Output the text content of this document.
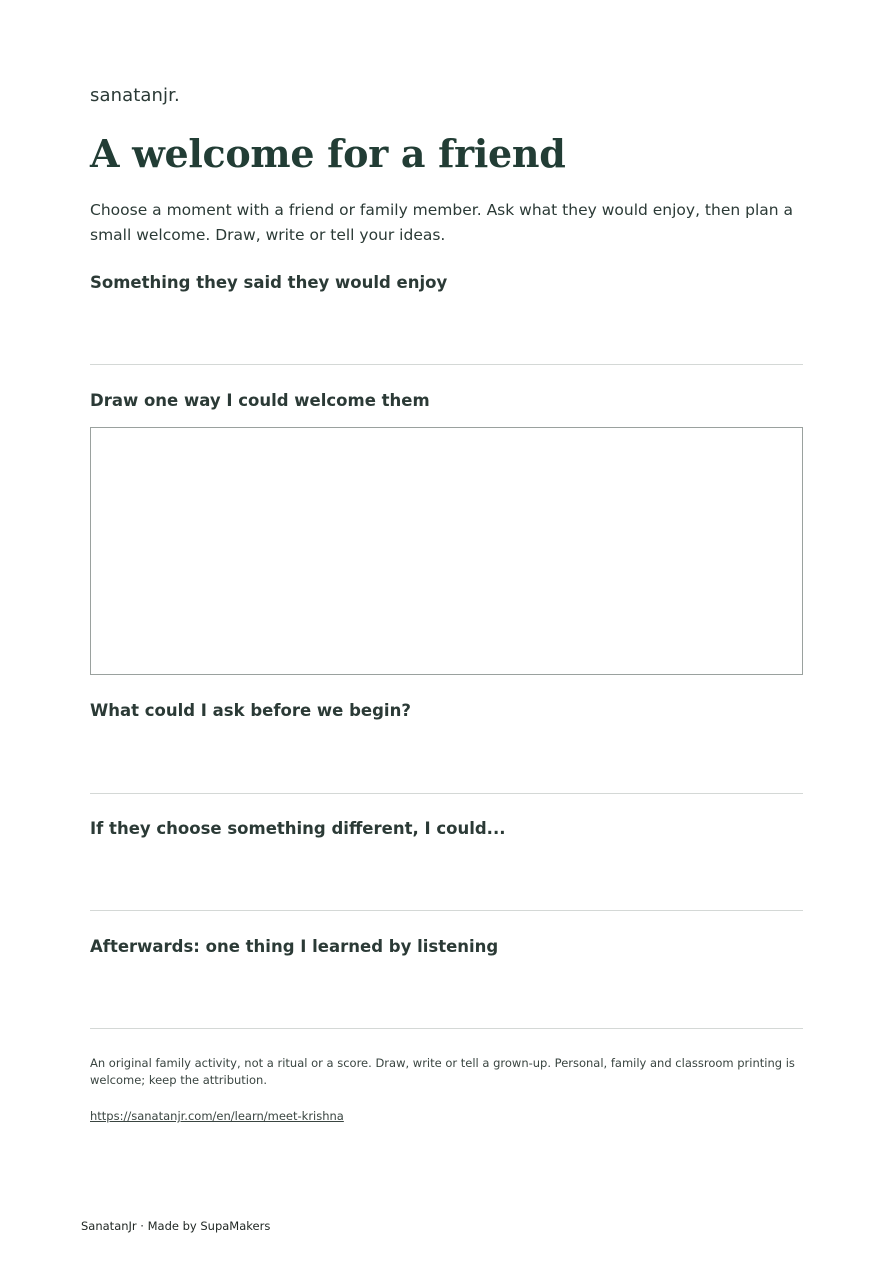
sanatanjr.
A welcome for a friend

Choose a moment with a friend or family member. Ask what they would enjoy, then plan a small welcome. Draw, write or tell your ideas.

Something they said they would enjoy
Draw one way I could welcome them
What could I ask before we begin?
If they choose something different, I could...
Afterwards: one thing I learned by listening

An original family activity, not a ritual or a score. Draw, write or tell a grown-up. Personal, family and classroom printing is welcome; keep the attribution.

https://sanatanjr.com/en/learn/meet-krishna
SanatanJr · Made by SupaMakers
